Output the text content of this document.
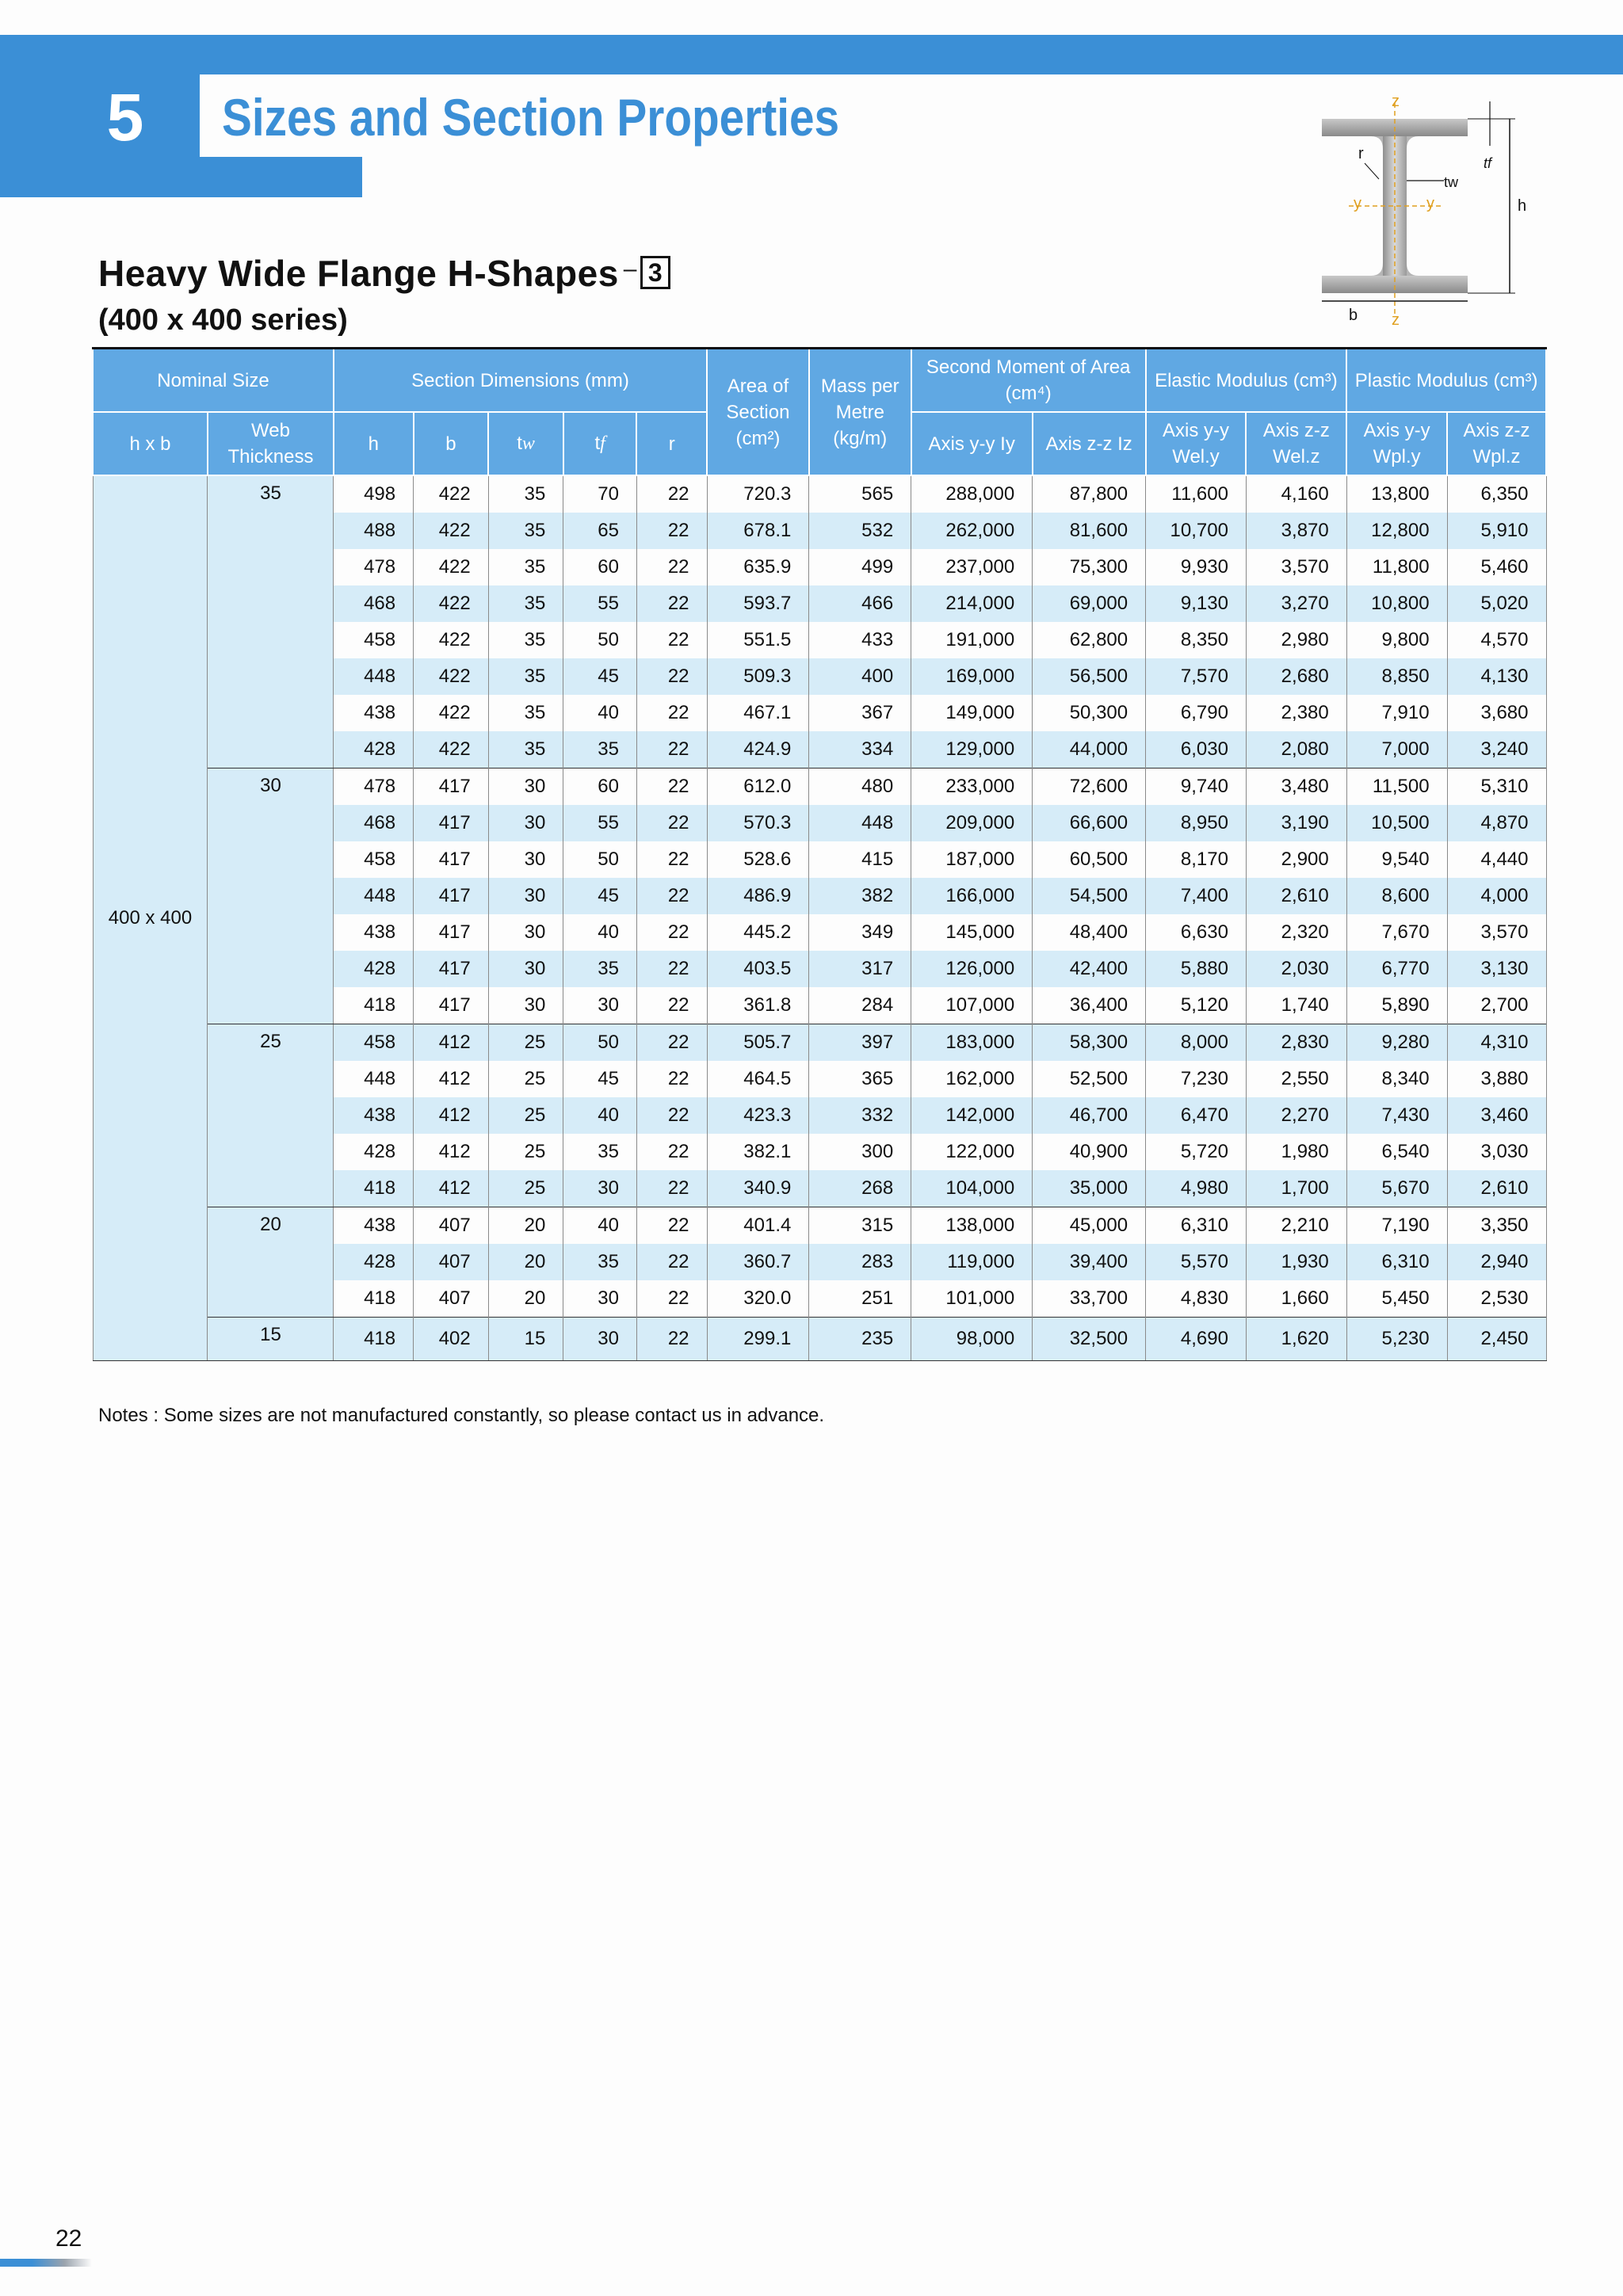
5	Sizes and Section Properties
Heavy Wide Flange H-Shapes – 3
(400 x 400 series)
z
z
y	y	h
tf
tw
r
b
Nominal Size		Section Dimensions (mm)					Area of Section (cm²)	Mass per Metre (kg/m)	Second Moment of Area (cm⁴)		Elastic Modulus (cm³)		Plastic Modulus (cm³)	
h x b	Web Thickness	h	b	tw	tf	r			Axis y-y Iy	Axis z-z Iz	Axis y-y Wel.y	Axis z-z Wel.z	Axis y-y Wpl.y	Axis z-z Wpl.z
400 x 400	35	498	422	35	70	22	720.3	565	288,000	87,800	11,600	4,160	13,800	6,350
		488	422	35	65	22	678.1	532	262,000	81,600	10,700	3,870	12,800	5,910
		478	422	35	60	22	635.9	499	237,000	75,300	9,930	3,570	11,800	5,460
		468	422	35	55	22	593.7	466	214,000	69,000	9,130	3,270	10,800	5,020
		458	422	35	50	22	551.5	433	191,000	62,800	8,350	2,980	9,800	4,570
		448	422	35	45	22	509.3	400	169,000	56,500	7,570	2,680	8,850	4,130
		438	422	35	40	22	467.1	367	149,000	50,300	6,790	2,380	7,910	3,680
		428	422	35	35	22	424.9	334	129,000	44,000	6,030	2,080	7,000	3,240
	30	478	417	30	60	22	612.0	480	233,000	72,600	9,740	3,480	11,500	5,310
		468	417	30	55	22	570.3	448	209,000	66,600	8,950	3,190	10,500	4,870
		458	417	30	50	22	528.6	415	187,000	60,500	8,170	2,900	9,540	4,440
		448	417	30	45	22	486.9	382	166,000	54,500	7,400	2,610	8,600	4,000
		438	417	30	40	22	445.2	349	145,000	48,400	6,630	2,320	7,670	3,570
		428	417	30	35	22	403.5	317	126,000	42,400	5,880	2,030	6,770	3,130
		418	417	30	30	22	361.8	284	107,000	36,400	5,120	1,740	5,890	2,700
	25	458	412	25	50	22	505.7	397	183,000	58,300	8,000	2,830	9,280	4,310
		448	412	25	45	22	464.5	365	162,000	52,500	7,230	2,550	8,340	3,880
		438	412	25	40	22	423.3	332	142,000	46,700	6,470	2,270	7,430	3,460
		428	412	25	35	22	382.1	300	122,000	40,900	5,720	1,980	6,540	3,030
		418	412	25	30	22	340.9	268	104,000	35,000	4,980	1,700	5,670	2,610
	20	438	407	20	40	22	401.4	315	138,000	45,000	6,310	2,210	7,190	3,350
		428	407	20	35	22	360.7	283	119,000	39,400	5,570	1,930	6,310	2,940
		418	407	20	30	22	320.0	251	101,000	33,700	4,830	1,660	5,450	2,530
	15	418	402	15	30	22	299.1	235	98,000	32,500	4,690	1,620	5,230	2,450
Notes : Some sizes are not manufactured constantly, so please contact us in advance.
22
